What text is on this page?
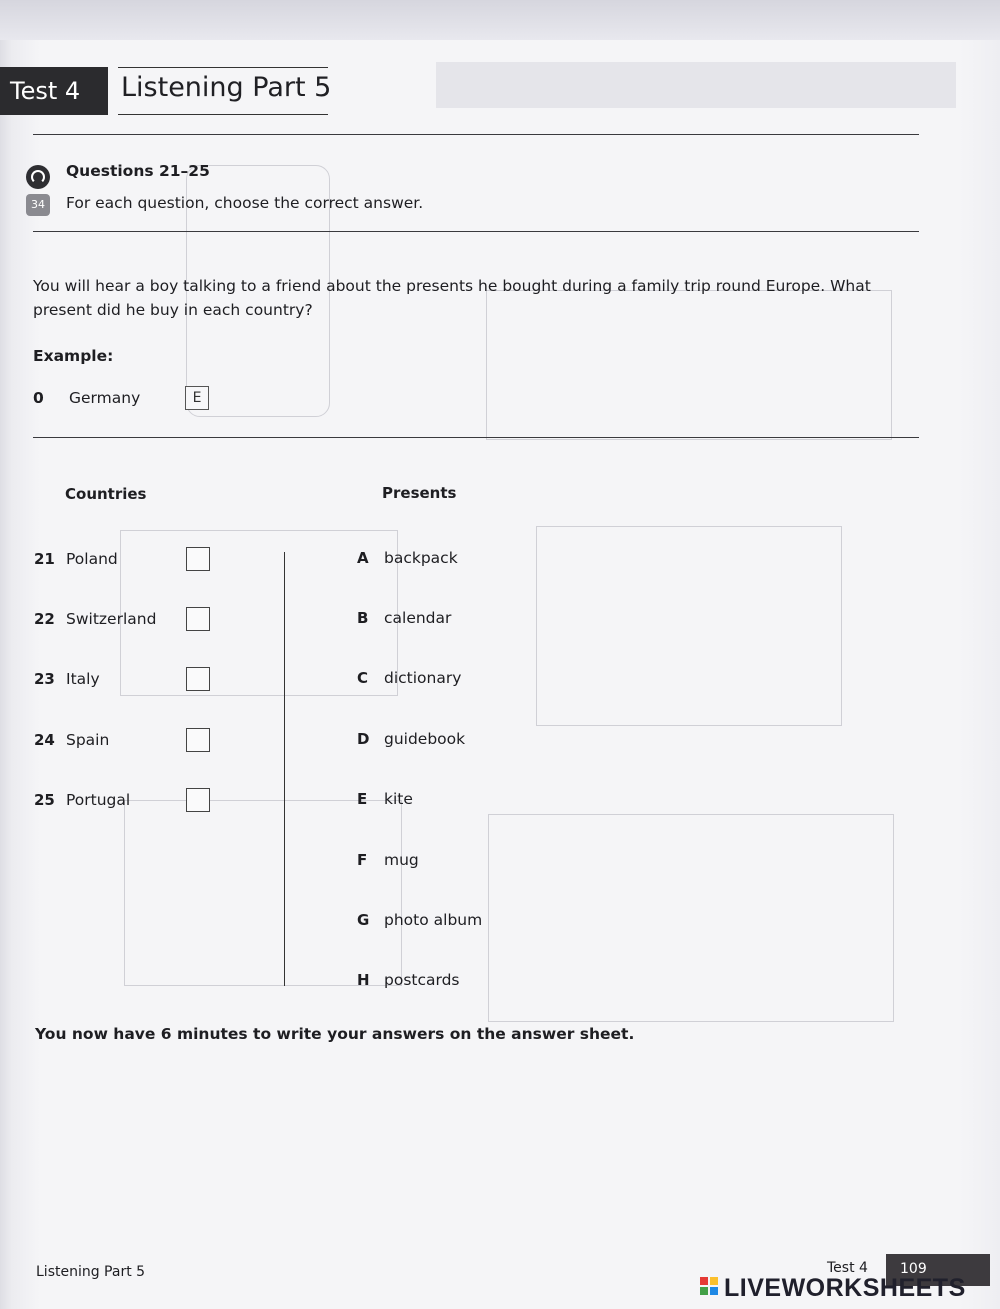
Test 4	Listening Part 5
34
Questions 21–25
For each question, choose the correct answer.
You will hear a boy talking to a friend about the presents he bought during a family trip round Europe. What present did he buy in each country?
Example:
0 Germany	E
Countries	Presents
21 Poland
22 Switzerland
23 Italy
24 Spain
25 Portugal
A backpack
B calendar
C dictionary
D guidebook
E kite
F mug
G photo album
H postcards
You now have 6 minutes to write your answers on the answer sheet.
Listening Part 5	Test 4	109
LIVEWORKSHEETS
